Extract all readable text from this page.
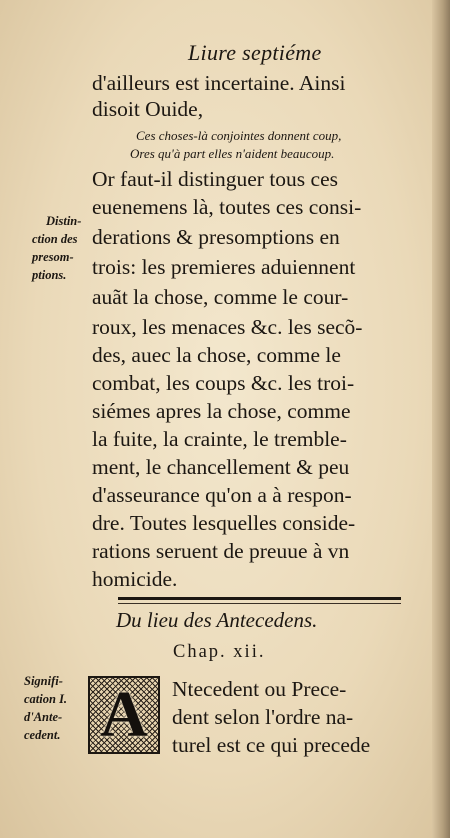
Liure septiéme

d'ailleurs est incertaine. Ainsi

disoit Ouide,

Ces choses-là conjointes donnent coup,

Ores qu'à part elles n'aident beaucoup.

Or faut-il distinguer tous ces

euenemens là, toutes ces consi-

derations & presomptions en

trois: les premieres aduiennent

auãt la chose, comme le cour-

roux, les menaces &c. les secõ-

des, auec la chose, comme le

combat, les coups &c. les troi-

siémes apres la chose, comme

la fuite, la crainte, le tremble-

ment, le chancellement & peu

d'asseurance qu'on a à respon-

dre. Toutes lesquelles conside-

rations seruent de preuue à vn

homicide.

Distin-

ction des

presom-

ptions.

Du lieu des Antecedens.
Chap. xii.

Signifi-

cation I.

d'Ante-

cedent. A	Ntecedent ou Prece-

dent selon l'ordre na-

turel est ce qui precede
